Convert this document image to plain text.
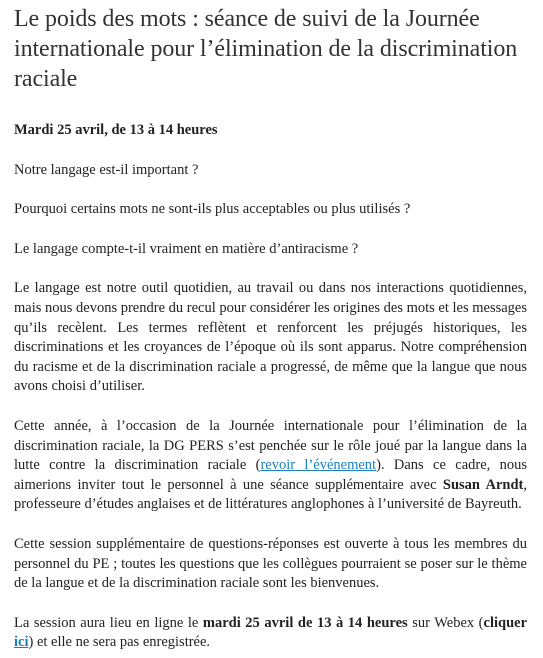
Le poids des mots : séance de suivi de la Journée internationale pour l’élimination de la discrimination raciale

Mardi 25 avril, de 13 à 14 heures

Notre langage est-il important ?

Pourquoi certains mots ne sont-ils plus acceptables ou plus utilisés ?

Le langage compte-t-il vraiment en matière d’antiracisme ?

Le langage est notre outil quotidien, au travail ou dans nos interactions quotidiennes, mais nous devons prendre du recul pour considérer les origines des mots et les messages qu’ils recèlent. Les termes reflètent et renforcent les préjugés historiques, les discriminations et les croyances de l’époque où ils sont apparus. Notre compréhension du racisme et de la discrimination raciale a progressé, de même que la langue que nous avons choisi d’utiliser.

Cette année, à l’occasion de la Journée internationale pour l’élimination de la discrimination raciale, la DG PERS s’est penchée sur le rôle joué par la langue dans la lutte contre la discrimination raciale (revoir l’événement). Dans ce cadre, nous aimerions inviter tout le personnel à une séance supplémentaire avec Susan Arndt, professeure d’études anglaises et de littératures anglophones à l’université de Bayreuth.

Cette session supplémentaire de questions-réponses est ouverte à tous les membres du personnel du PE ; toutes les questions que les collègues pourraient se poser sur le thème de la langue et de la discrimination raciale sont les bienvenues.

La session aura lieu en ligne le mardi 25 avril de 13 à 14 heures sur Webex (cliquer ici) et elle ne sera pas enregistrée.
